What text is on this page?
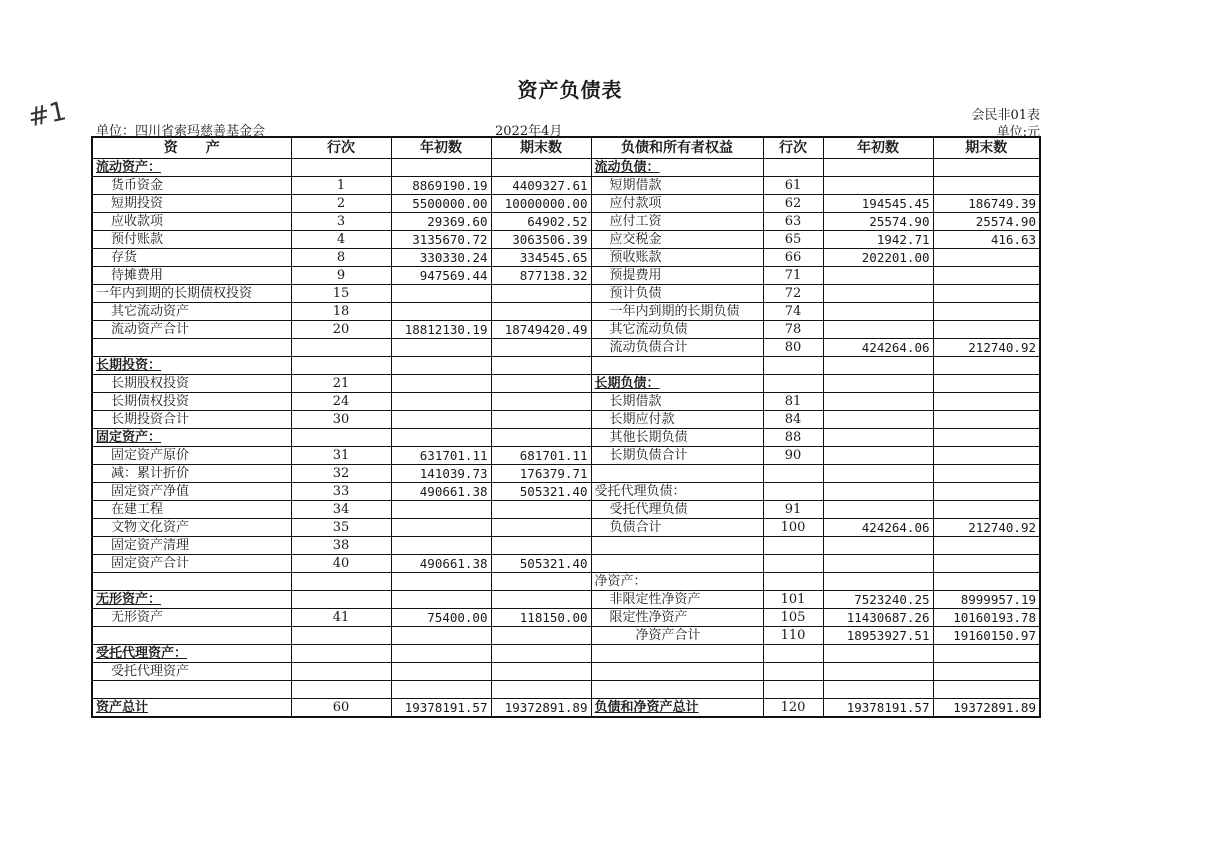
#1
资产负债表
会民非01表
单位：四川省索玛慈善基金会	2022年4月	单位:元
资　　产	行次	年初数	期末数	负债和所有者权益	行次	年初数	期末数
流动资产：				流动负债：			
货币资金	1	8869190.19	4409327.61	短期借款	61		
短期投资	2	5500000.00	10000000.00	应付款项	62	194545.45	186749.39
应收款项	3	29369.60	64902.52	应付工资	63	25574.90	25574.90
预付账款	4	3135670.72	3063506.39	应交税金	65	1942.71	416.63
存货	8	330330.24	334545.65	预收账款	66	202201.00	
待摊费用	9	947569.44	877138.32	预提费用	71		
一年内到期的长期债权投资	15			预计负债	72		
其它流动资产	18			一年内到期的长期负债	74		
流动资产合计	20	18812130.19	18749420.49	其它流动负债	78		
				流动负债合计	80	424264.06	212740.92
长期投资：							
长期股权投资	21			长期负债：			
长期债权投资	24			长期借款	81		
长期投资合计	30			长期应付款	84		
固定资产：				其他长期负债	88		
固定资产原价	31	631701.11	681701.11	长期负债合计	90		
减：累计折价	32	141039.73	176379.71				
固定资产净值	33	490661.38	505321.40	受托代理负债：			
在建工程	34			受托代理负债	91		
文物文化资产	35			负债合计	100	424264.06	212740.92
固定资产清理	38						
固定资产合计	40	490661.38	505321.40				
				净资产：			
无形资产：				非限定性净资产	101	7523240.25	8999957.19
无形资产	41	75400.00	118150.00	限定性净资产	105	11430687.26	10160193.78
				净资产合计	110	18953927.51	19160150.97
受托代理资产：							
受托代理资产							

资产总计	60	19378191.57	19372891.89	负债和净资产总计	120	19378191.57	19372891.89
